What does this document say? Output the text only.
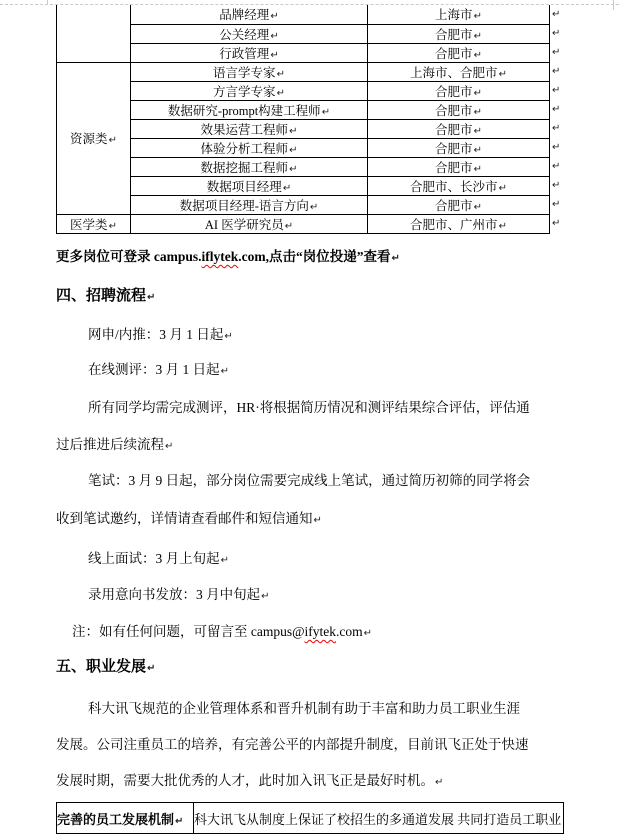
	品牌经理↵	上海市↵
	公关经理↵	合肥市↵
	行政管理↵	合肥市↵
资源类↵	语言学专家↵	上海市、合肥市↵
	方言学专家↵	合肥市↵
	数据研究-prompt构建工程师↵	合肥市↵
	效果运营工程师↵	合肥市↵
	体验分析工程师↵	合肥市↵
	数据挖掘工程师↵	合肥市↵
	数据项目经理↵	合肥市、长沙市↵
	数据项目经理-语言方向↵	合肥市↵
医学类↵	AI 医学研究员↵	合肥市、广州市↵
↵
↵
↵
↵
↵
↵
↵
↵
↵
↵
↵
↵
更多岗位可登录 campus.iflytek.com,点击“岗位投递”查看↵
四、招聘流程↵
网申/内推：3 月 1 日起↵
在线测评：3 月 1 日起↵
所有同学均需完成测评，HR·将根据简历情况和测评结果综合评估，评估通
过后推进后续流程↵
笔试：3 月 9 日起，部分岗位需要完成线上笔试，通过简历初筛的同学将会
收到笔试邀约，详情请查看邮件和短信通知↵
线上面试：3 月上旬起↵
录用意向书发放：3 月中旬起↵
注：如有任何问题，可留言至 campus@ifytek.com↵
五、职业发展↵
科大讯飞规范的企业管理体系和晋升机制有助于丰富和助力员工职业生涯
发展。公司注重员工的培养，有完善公平的内部提升制度，目前讯飞正处于快速
发展时期，需要大批优秀的人才，此时加入讯飞正是最好时机。↵
完善的员工发展机制↵	科大讯飞从制度上保证了校招生的多通道发展 共同打造员工职业
